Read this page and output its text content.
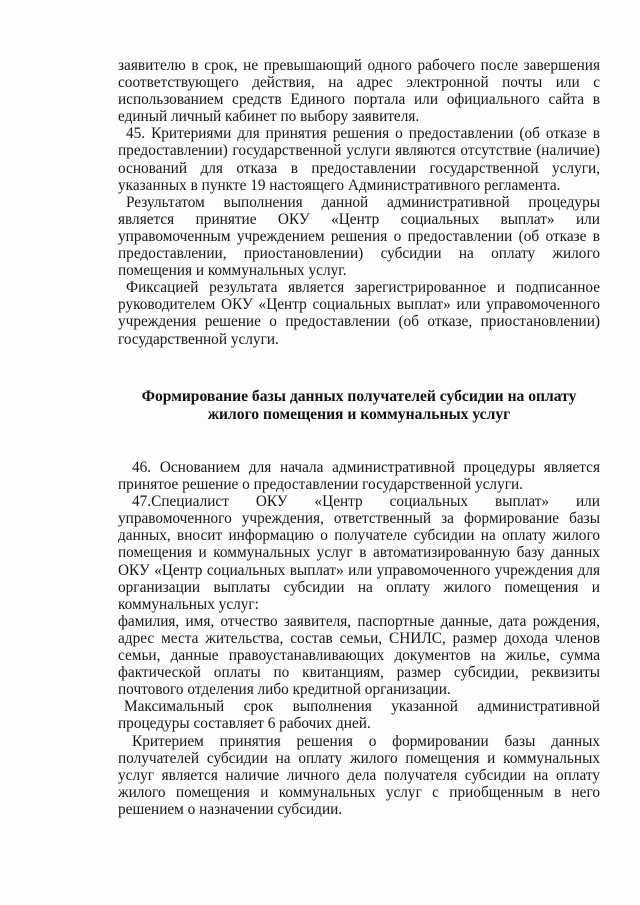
заявителю в срок, не превышающий одного рабочего после завершения соответствующего действия, на адрес электронной почты или с использованием средств Единого портала или официального сайта в единый личный кабинет по выбору заявителя.

45. Критериями для принятия решения о предоставлении (об отказе в предоставлении) государственной услуги являются отсутствие (наличие) оснований для отказа в предоставлении государственной услуги, указанных в пункте 19 настоящего Административного регламента.

Результатом выполнения данной административной процедуры является принятие ОКУ «Центр социальных выплат» или управомоченным учреждением решения о предоставлении (об отказе в предоставлении, приостановлении) субсидии на оплату жилого помещения и коммунальных услуг.

Фиксацией результата является зарегистрированное и подписанное руководителем ОКУ «Центр социальных выплат» или управомоченного учреждения решение о предоставлении (об отказе, приостановлении) государственной услуги.

Формирование базы данных получателей субсидии на оплату
жилого помещения и коммунальных услуг

46. Основанием для начала административной процедуры является принятое решение о предоставлении государственной услуги.

47.Специалист ОКУ «Центр социальных выплат» или управомоченного учреждения, ответственный за формирование базы данных, вносит информацию о получателе субсидии на оплату жилого помещения и коммунальных услуг в автоматизированную базу данных ОКУ «Центр социальных выплат» или управомоченного учреждения для организации выплаты субсидии на оплату жилого помещения и коммунальных услуг:

фамилия, имя, отчество заявителя, паспортные данные, дата рождения, адрес места жительства, состав семьи, СНИЛС, размер дохода членов семьи, данные правоустанавливающих документов на жилье, сумма фактической оплаты по квитанциям, размер субсидии, реквизиты почтового отделения либо кредитной организации.

Максимальный срок выполнения указанной административной процедуры составляет 6 рабочих дней.

Критерием принятия решения о формировании базы данных получателей субсидии на оплату жилого помещения и коммунальных услуг является наличие личного дела получателя субсидии на оплату жилого помещения и коммунальных услуг с приобщенным в него решением о назначении субсидии.
